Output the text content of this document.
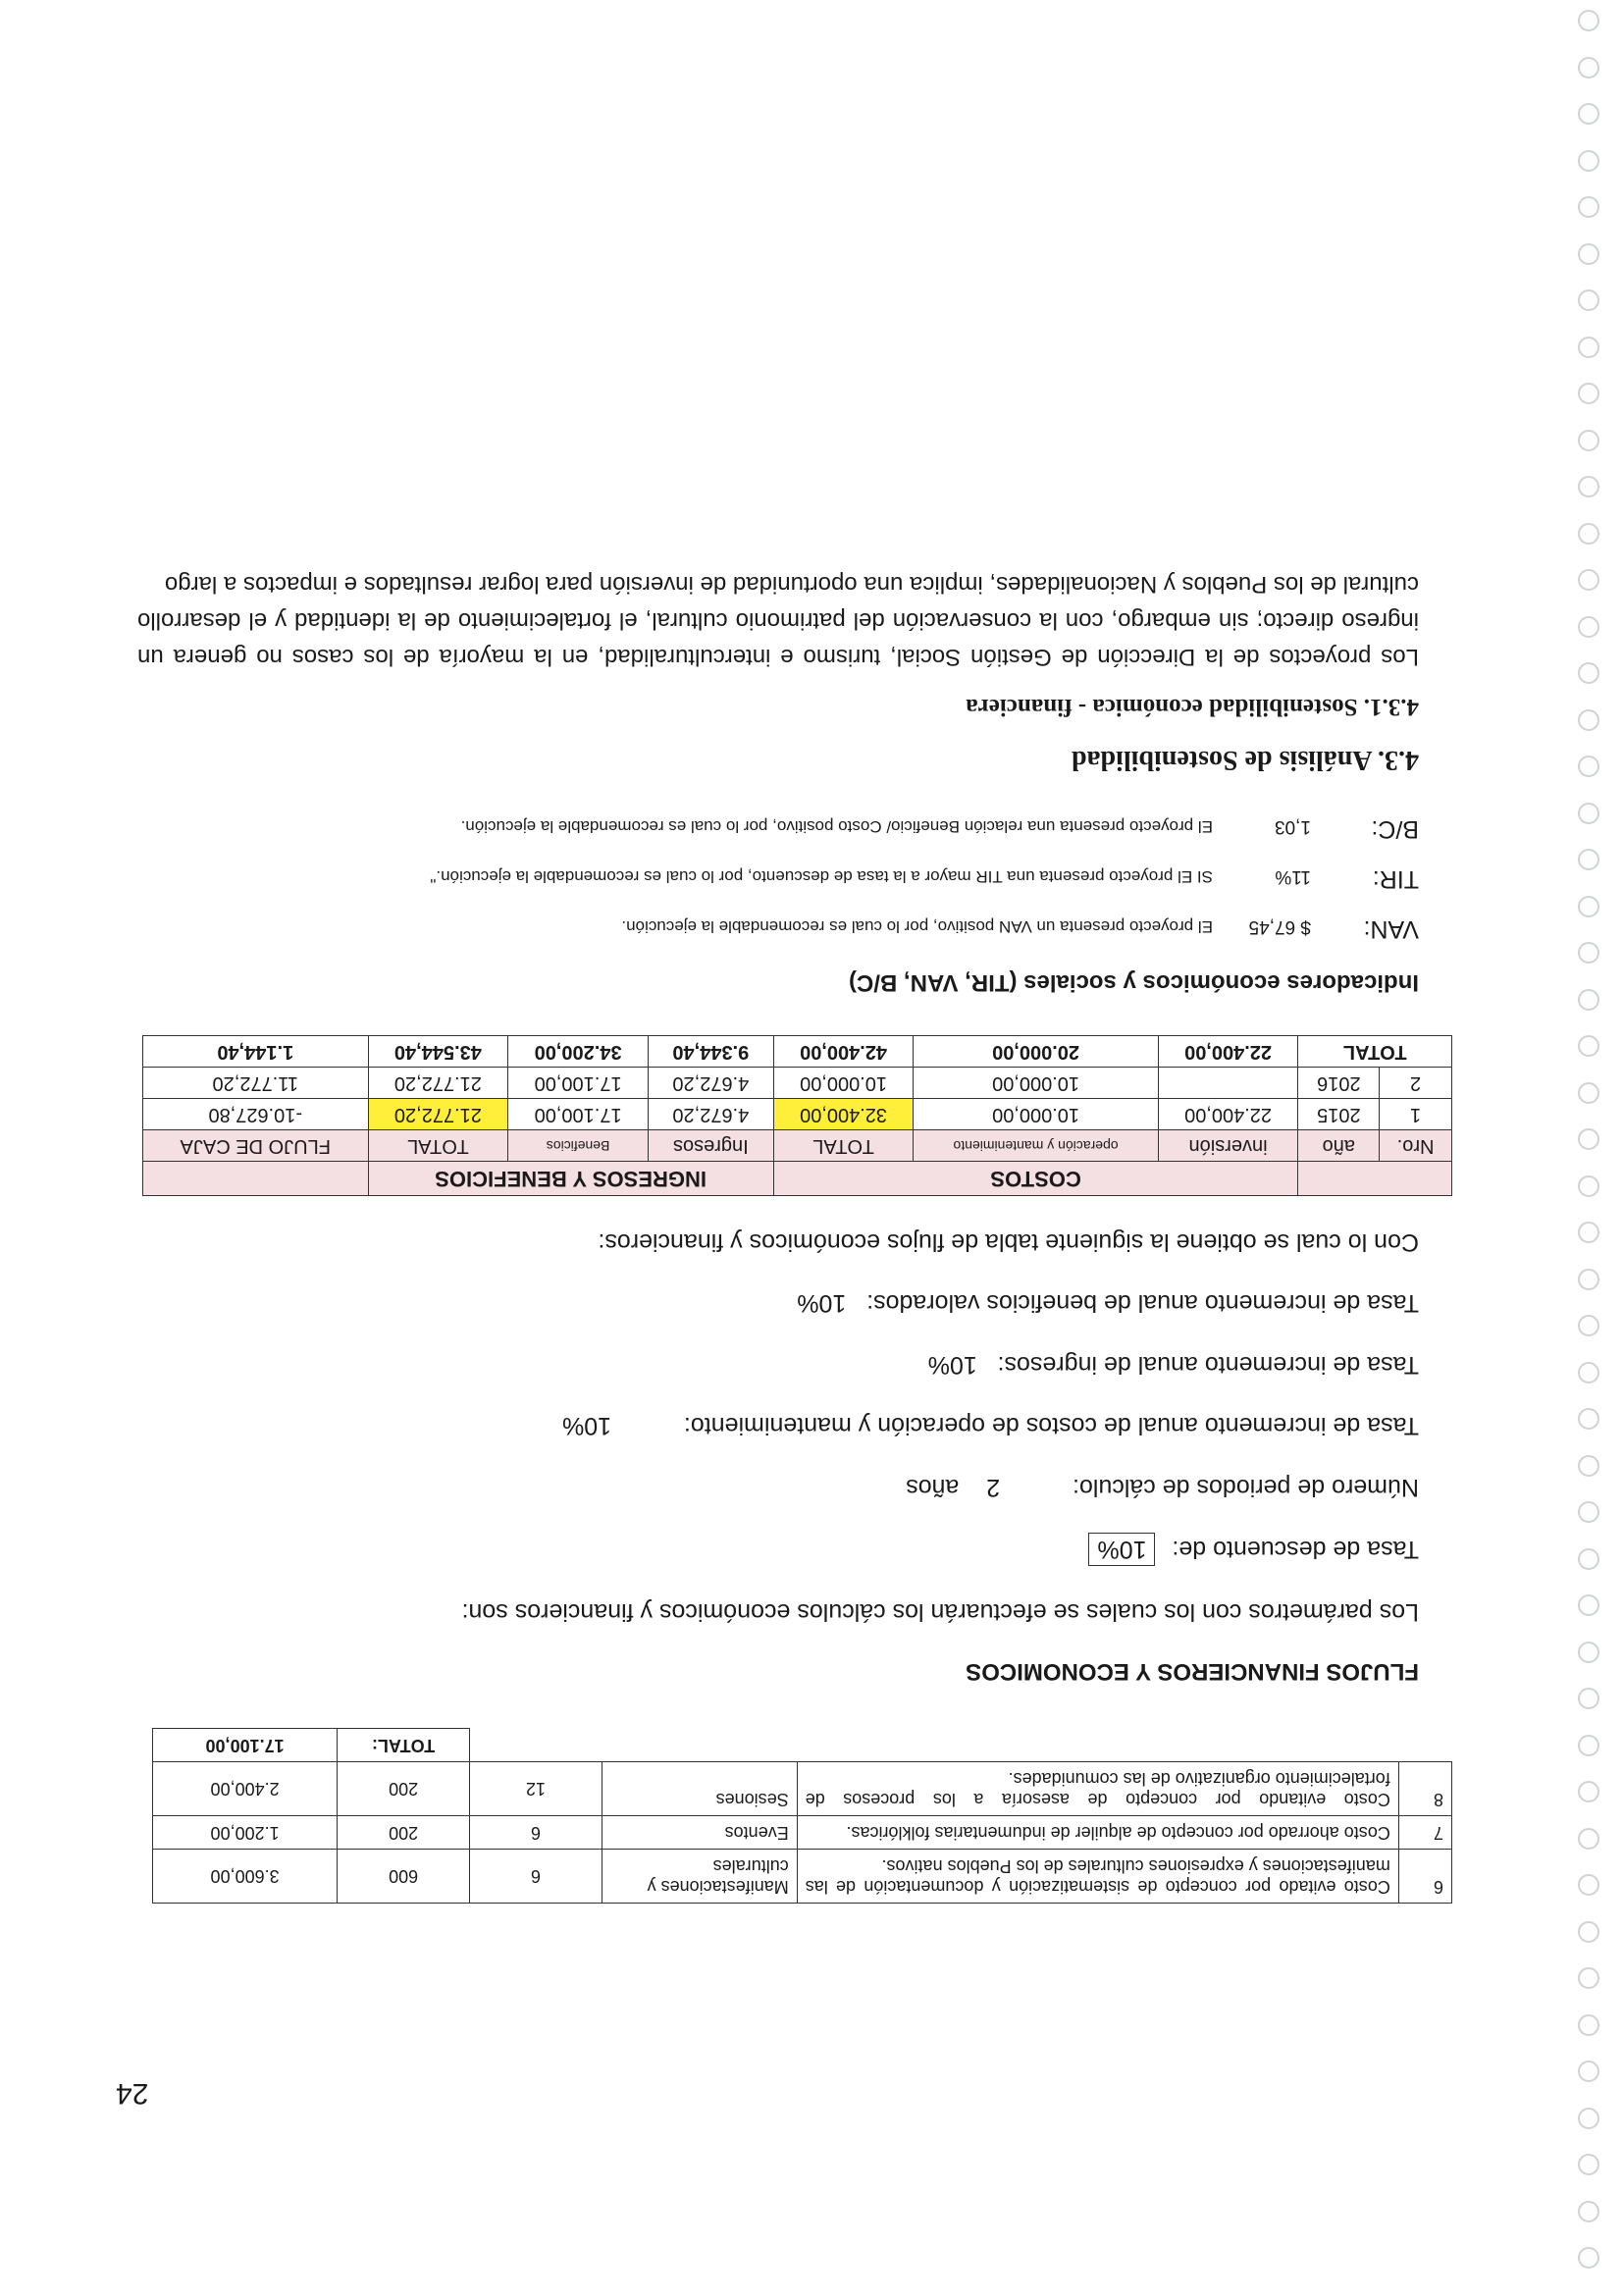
24
6	Costo evitado por concepto de sistematización y documentación de las manifestaciones y expresiones culturales de los Pueblos nativos.	Manifestaciones y culturales	6	600	3.600,00
7	Costo ahorrado por concepto de alquiler de indumentarias folklóricas.	Eventos	6	200	1.200,00
8	Costo evitando por concepto de asesoría a los procesos de fortalecimiento organizativo de las comunidades.	Sesiones	12	200	2.400,00
				TOTAL:	17.100,00
FLUJOS FINANCIEROS Y ECONOMICOS
Los parámetros con los cuales se efectuarán los cálculos económicos y financieros son:
Tasa de descuento de: 10%
Número de periodos de cálculo:  2    años
Tasa de incremento anual de costos de operación y mantenimiento:  10%
Tasa de incremento anual de ingresos:   10%
Tasa de incremento anual de beneficios valorados:   10%
Con lo cual se obtiene la siguiente tabla de flujos económicos y financieros:
		COSTOS			INGRESOS Y BENEFICIOS			
Nro.	año	inversión	operación y mantenimiento	TOTAL	Ingresos	Beneficios	TOTAL	FLUJO DE CAJA
1	2015	22.400,00	10.000,00	32.400,00	4.672,20	17.100,00	21.772,20	-10.627,80
2	2016		10.000,00	10.000,00	4.672,20	17.100,00	21.772,20	11.772,20
TOTAL		22.400,00	20.000,00	42.400,00	9.344,40	34.200,00	43.544,40	1.144,40
Indicadores económicos y sociales (TIR, VAN, B/C)
VAN:
$ 67,45
El proyecto presenta un VAN positivo, por lo cual es recomendable la ejecución.
TIR:
11%
SI El proyecto presenta una TIR mayor a la tasa de descuento, por lo cual es recomendable la ejecución."
B/C:
1,03
El proyecto presenta una relación Beneficio/ Costo positivo, por lo cual es recomendable la ejecución.
4.3. Análisis de Sostenibilidad
4.3.1. Sostenibilidad económica - financiera
Los proyectos de la Dirección de Gestión Social, turismo e interculturalidad, en la mayoría de los casos no genera un ingreso directo; sin embargo, con la conservación del patrimonio cultural, el fortalecimiento de la identidad y el desarrollo cultural de los Pueblos y Nacionalidades, implica una oportunidad de inversión para lograr resultados e impactos a largo
